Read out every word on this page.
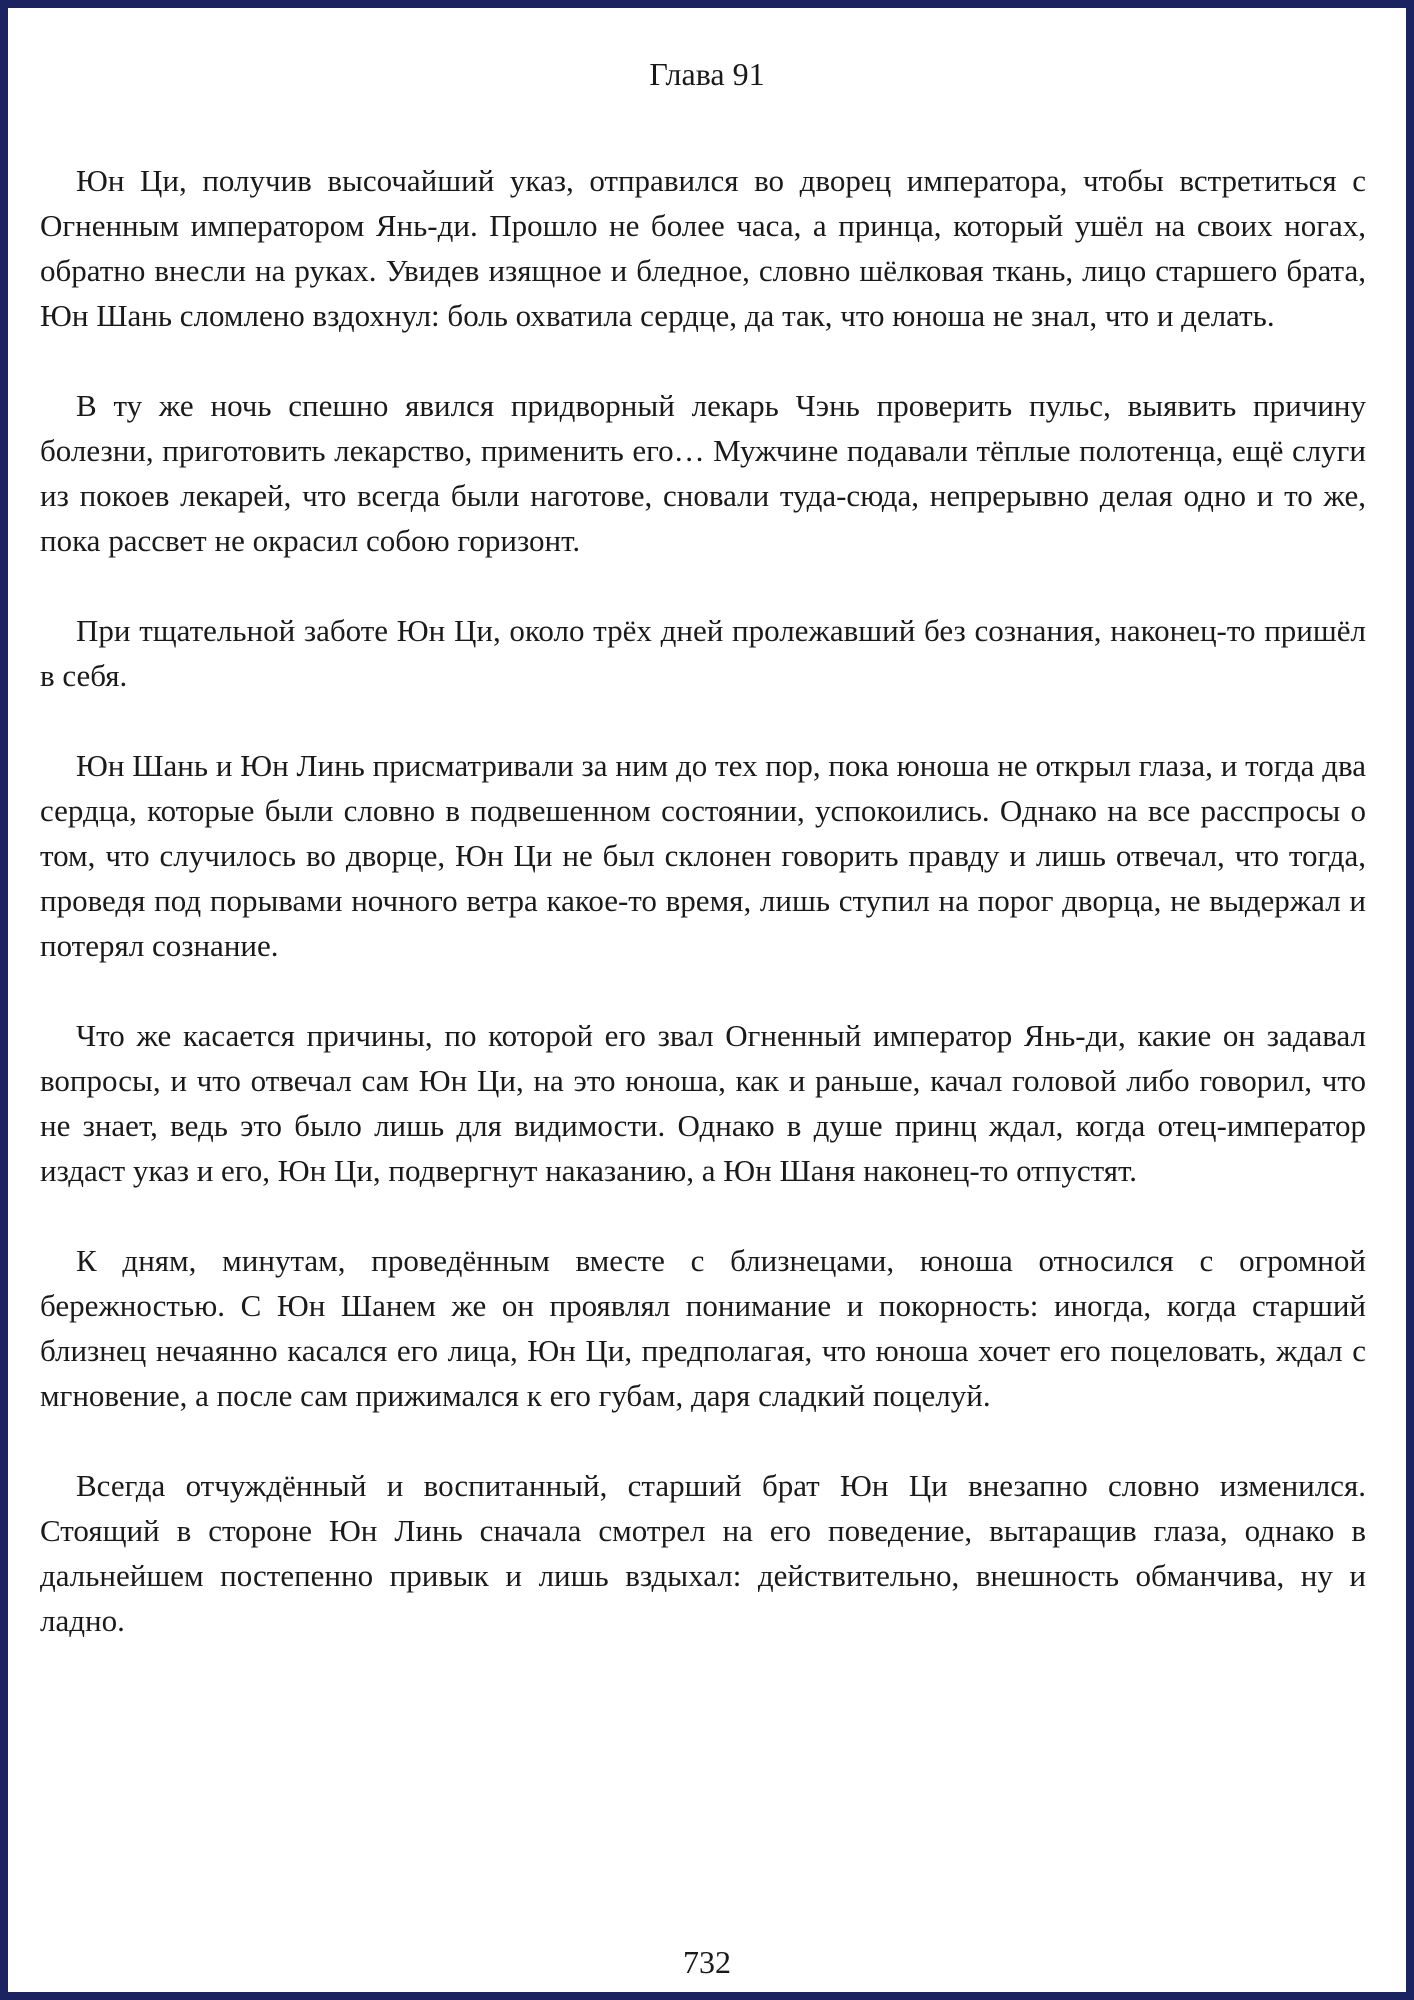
Глава 91

Юн Ци, получив высочайший указ, отправился во дворец императора, чтобы встретиться с Огненным императором Янь-ди. Прошло не более часа, а принца, который ушёл на своих ногах, обратно внесли на руках. Увидев изящное и бледное, словно шёлковая ткань, лицо старшего брата, Юн Шань сломлено вздохнул: боль охватила сердце, да так, что юноша не знал, что и делать.

В ту же ночь спешно явился придворный лекарь Чэнь проверить пульс, выявить причину болезни, приготовить лекарство, применить его… Мужчине подавали тёплые полотенца, ещё слуги из покоев лекарей, что всегда были наготове, сновали туда-сюда, непрерывно делая одно и то же, пока рассвет не окрасил собою горизонт.

При тщательной заботе Юн Ци, около трёх дней пролежавший без сознания, наконец-то пришёл в себя.

Юн Шань и Юн Линь присматривали за ним до тех пор, пока юноша не открыл глаза, и тогда два сердца, которые были словно в подвешенном состоянии, успокоились. Однако на все расспросы о том, что случилось во дворце, Юн Ци не был склонен говорить правду и лишь отвечал, что тогда, проведя под порывами ночного ветра какое-то время, лишь ступил на порог дворца, не выдержал и потерял сознание.

Что же касается причины, по которой его звал Огненный император Янь-ди, какие он задавал вопросы, и что отвечал сам Юн Ци, на это юноша, как и раньше, качал головой либо говорил, что не знает, ведь это было лишь для видимости. Однако в душе принц ждал, когда отец-император издаст указ и его, Юн Ци, подвергнут наказанию, а Юн Шаня наконец-то отпустят.

К дням, минутам, проведённым вместе с близнецами, юноша относился с огромной бережностью. С Юн Шанем же он проявлял понимание и покорность: иногда, когда старший близнец нечаянно касался его лица, Юн Ци, предполагая, что юноша хочет его поцеловать, ждал с мгновение, а после сам прижимался к его губам, даря сладкий поцелуй.

Всегда отчуждённый и воспитанный, старший брат Юн Ци внезапно словно изменился. Стоящий в стороне Юн Линь сначала смотрел на его поведение, вытаращив глаза, однако в дальнейшем постепенно привык и лишь вздыхал: действительно, внешность обманчива, ну и ладно.

732
